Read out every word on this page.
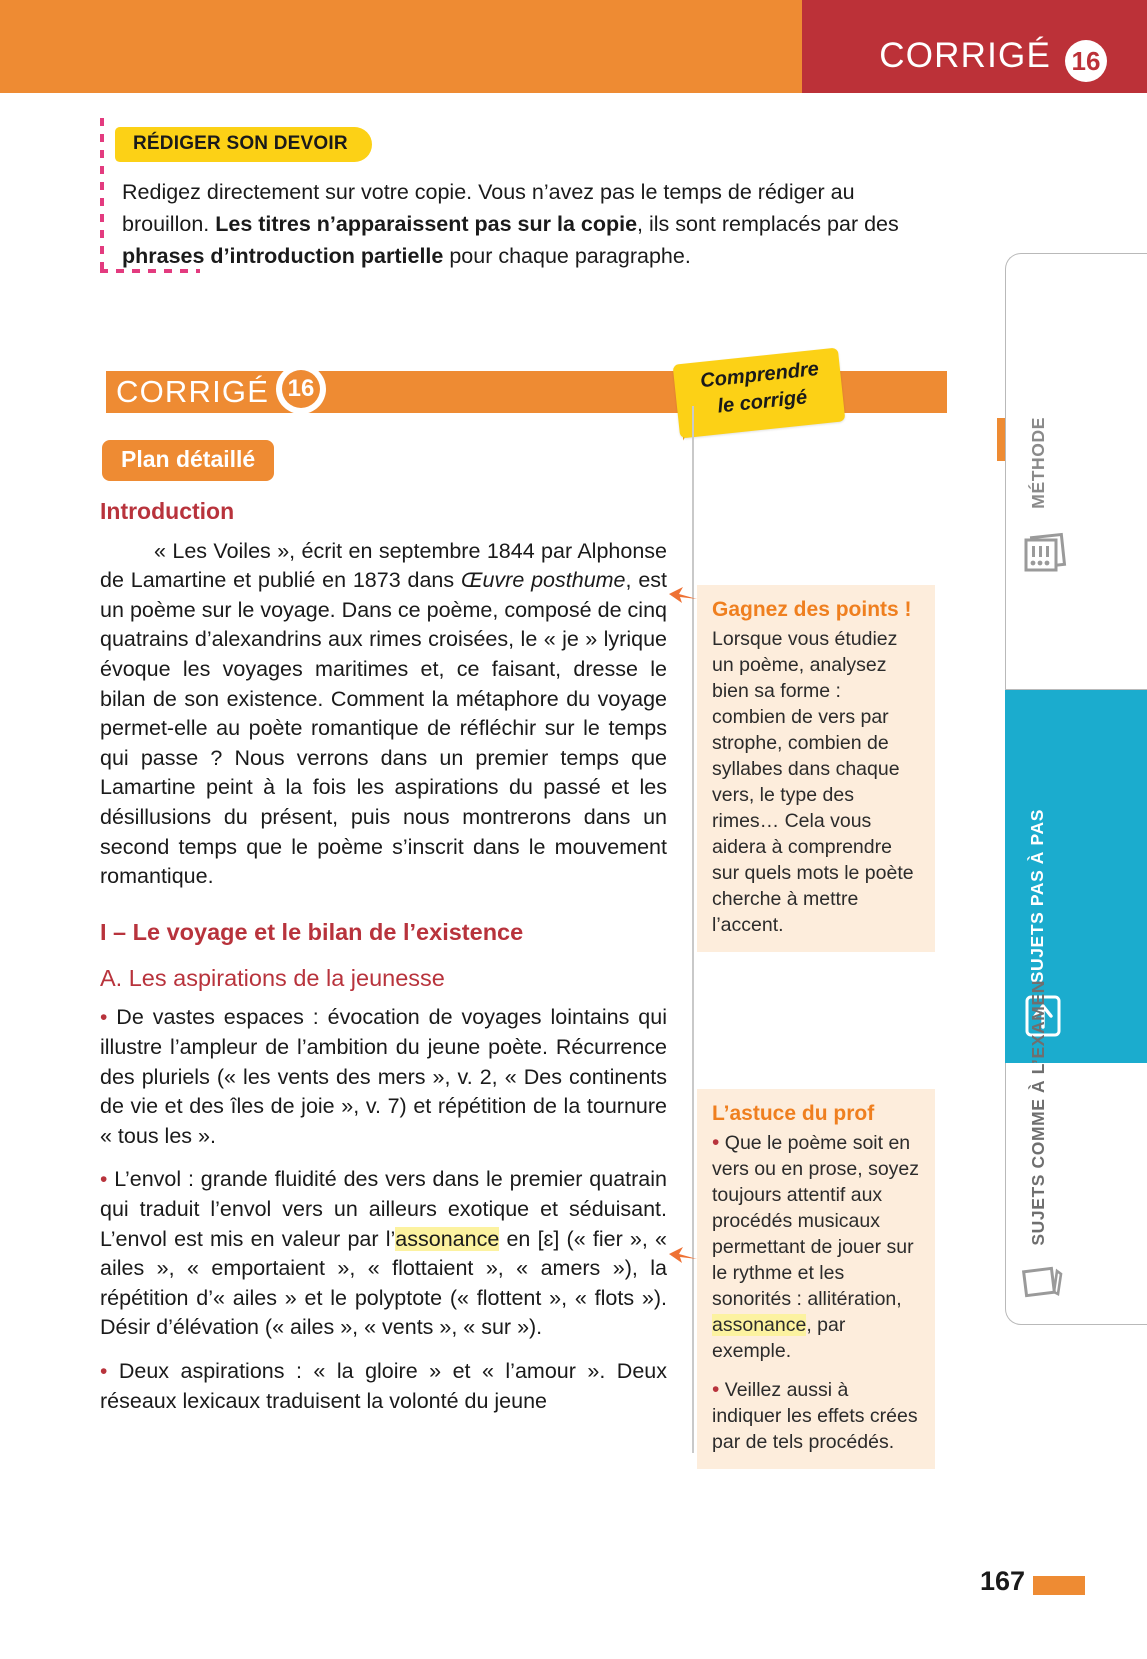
CORRIGÉ 16
RÉDIGER SON DEVOIR
Redigez directement sur votre copie. Vous n’avez pas le temps de rédiger au brouillon. Les titres n’apparaissent pas sur la copie, ils sont remplacés par des phrases d’introduction partielle pour chaque paragraphe.
CORRIGÉ 16	Comprendre
le corrigé
Plan détaillé
Introduction

« Les Voiles », écrit en septembre 1844 par Alphonse de Lamartine et publié en 1873 dans Œuvre posthume, est un poème sur le voyage. Dans ce poème, composé de cinq quatrains d’alexandrins aux rimes croisées, le « je » lyrique évoque les voyages maritimes et, ce faisant, dresse le bilan de son existence. Comment la métaphore du voyage permet-elle au poète romantique de réfléchir sur le temps qui passe ? Nous verrons dans un premier temps que Lamartine peint à la fois les aspirations du passé et les désillusions du présent, puis nous montrerons dans un second temps que le poème s’inscrit dans le mouvement romantique.

I – Le voyage et le bilan de l’existence
A. Les aspirations de la jeunesse

• De vastes espaces : évocation de voyages lointains qui illustre l’ampleur de l’ambition du jeune poète. Récurrence des pluriels (« les vents des mers », v. 2, « Des continents de vie et des îles de joie », v. 7) et répétition de la tournure « tous les ».

• L’envol : grande fluidité des vers dans le premier quatrain qui traduit l’envol vers un ailleurs exotique et séduisant. L’envol est mis en valeur par l’assonance en [ɛ] (« fier », « ailes », « emportaient », « flottaient », « amers »), la répétition d’« ailes » et le polyptote (« flottent », « flots »). Désir d’élévation (« ailes », « vents », « sur »).

• Deux aspirations : « la gloire » et « l’amour ». Deux réseaux lexicaux traduisent la volonté du jeune

Gagnez des points !

Lorsque vous étudiez un poème, analysez bien sa forme : combien de vers par strophe, combien de syllabes dans chaque vers, le type des rimes… Cela vous aidera à comprendre sur quels mots le poète cherche à mettre l’accent.

L’astuce du prof

• Que le poème soit en vers ou en prose, soyez toujours attentif aux procédés musicaux permettant de jouer sur le rythme et les sonorités : allitération, assonance, par exemple.

• Veillez aussi à indiquer les effets crées par de tels procédés.

MÉTHODE
SUJETS PAS À PAS
SUJETS COMME À L’EXAMEN
167
